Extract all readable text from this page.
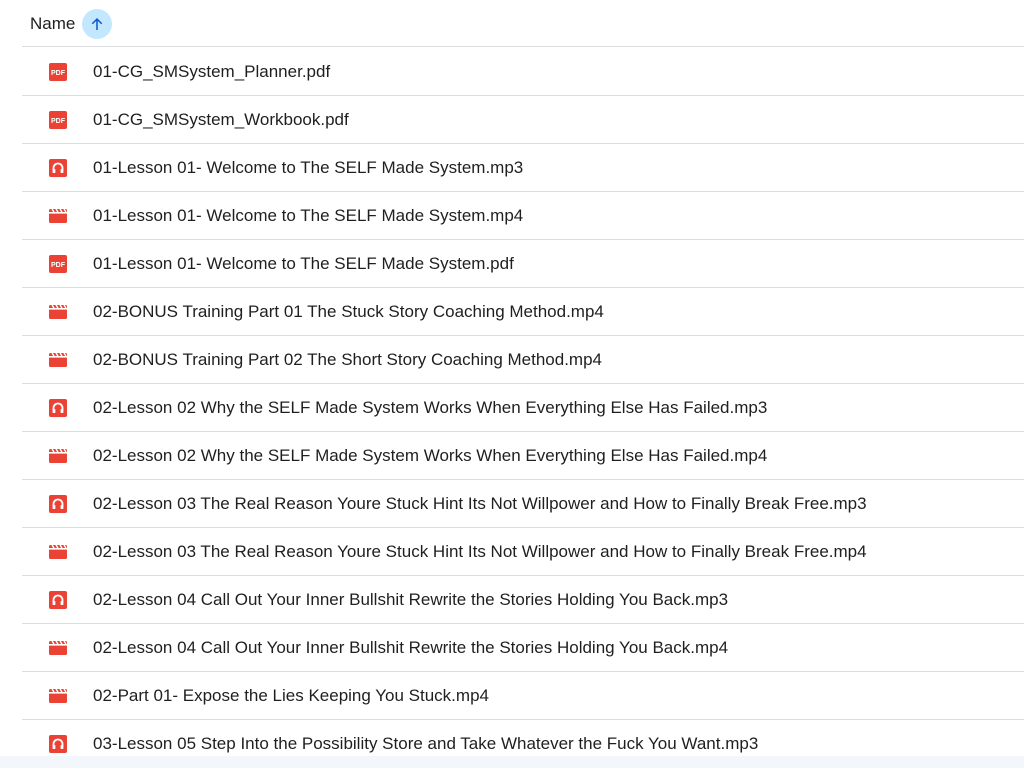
Name
PDF 01-CG_SMSystem_Planner.pdf
PDF 01-CG_SMSystem_Workbook.pdf
01-Lesson 01- Welcome to The SELF Made System.mp3
01-Lesson 01- Welcome to The SELF Made System.mp4
PDF 01-Lesson 01- Welcome to The SELF Made System.pdf
02-BONUS Training Part 01 The Stuck Story Coaching Method.mp4
02-BONUS Training Part 02 The Short Story Coaching Method.mp4
02-Lesson 02 Why the SELF Made System Works When Everything Else Has Failed.mp3
02-Lesson 02 Why the SELF Made System Works When Everything Else Has Failed.mp4
02-Lesson 03 The Real Reason Youre Stuck Hint Its Not Willpower and How to Finally Break Free.mp3
02-Lesson 03 The Real Reason Youre Stuck Hint Its Not Willpower and How to Finally Break Free.mp4
02-Lesson 04 Call Out Your Inner Bullshit Rewrite the Stories Holding You Back.mp3
02-Lesson 04 Call Out Your Inner Bullshit Rewrite the Stories Holding You Back.mp4
02-Part 01- Expose the Lies Keeping You Stuck.mp4
03-Lesson 05 Step Into the Possibility Store and Take Whatever the Fuck You Want.mp3
